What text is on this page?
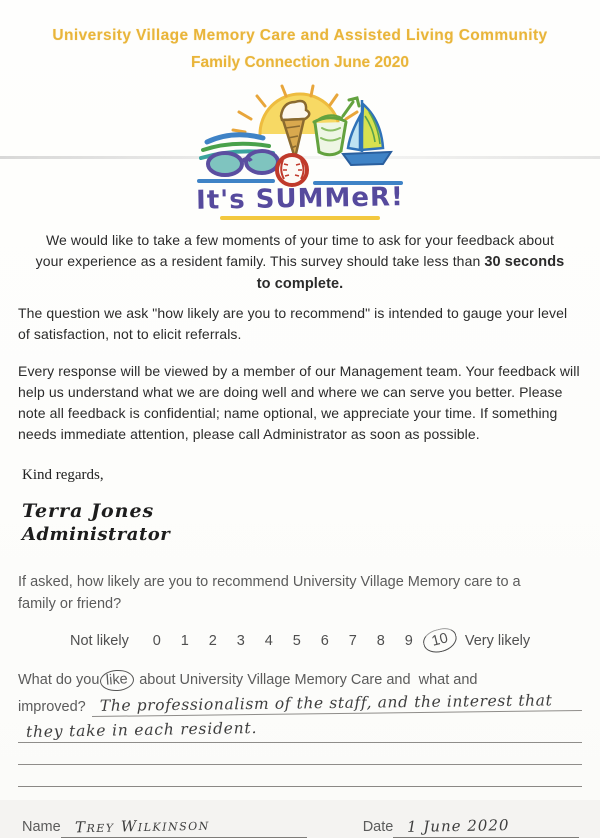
University Village Memory Care and Assisted Living Community
Family Connection June 2020
It's SUMMeR!
We would like to take a few moments of your time to ask for your feedback about your experience as a resident family. This survey should take less than 30 seconds to complete.
The question we ask "how likely are you to recommend" is intended to gauge your level of satisfaction, not to elicit referrals.
Every response will be viewed by a member of our Management team. Your feedback will help us understand what we are doing well and where we can serve you better. Please note all feedback is confidential; name optional, we appreciate your time. If something needs immediate attention, please call Administrator as soon as possible.
Kind regards,
Terra Jones
Administrator
If asked, how likely are you to recommend University Village Memory care to a family or friend?
Not likely	0	1	2	3	4	5	6	7	8	9	10	Very likely
What do you like about University Village Memory Care and  what and
improved? The professionalism of the staff, and the interest that
they take in each resident.
Name Trey Wilkinson	Date 1 June 2020
